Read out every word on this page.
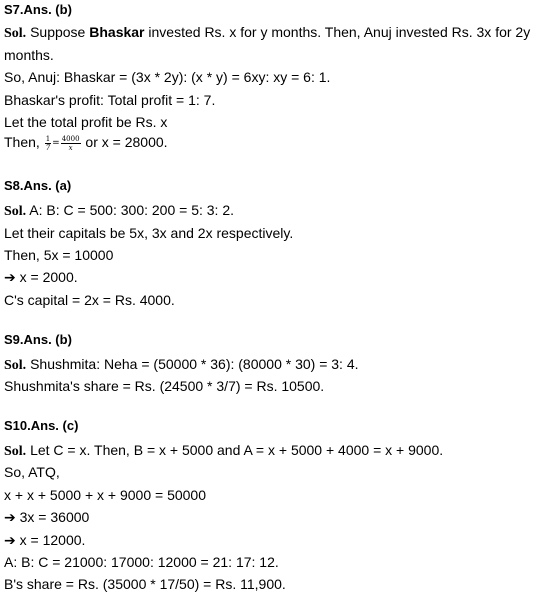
S7.Ans. (b)
Sol. Suppose Bhaskar invested Rs. x for y months. Then, Anuj invested Rs. 3x for 2y
months.
So, Anuj: Bhaskar = (3x * 2y): (x * y) = 6xy: xy = 6: 1.
Bhaskar's profit: Total profit = 1: 7.
Let the total profit be Rs. x
Then, $\frac{1}{7} = \frac{4000}{x}$ or x = 28000.
S8.Ans. (a)
Sol. A: B: C = 500: 300: 200 = 5: 3: 2.
Let their capitals be 5x, 3x and 2x respectively.
Then, 5x = 10000
➔ x = 2000.
C's capital = 2x = Rs. 4000.
S9.Ans. (b)
Sol. Shushmita: Neha = (50000 * 36): (80000 * 30) = 3: 4.
Shushmita's share = Rs. (24500 * 3/7) = Rs. 10500.
S10.Ans. (c)
Sol. Let C = x. Then, B = x + 5000 and A = x + 5000 + 4000 = x + 9000.
So, ATQ,
x + x + 5000 + x + 9000 = 50000
➔ 3x = 36000
➔ x = 12000.
A: B: C = 21000: 17000: 12000 = 21: 17: 12.
B's share = Rs. (35000 * 17/50) = Rs. 11,900.
